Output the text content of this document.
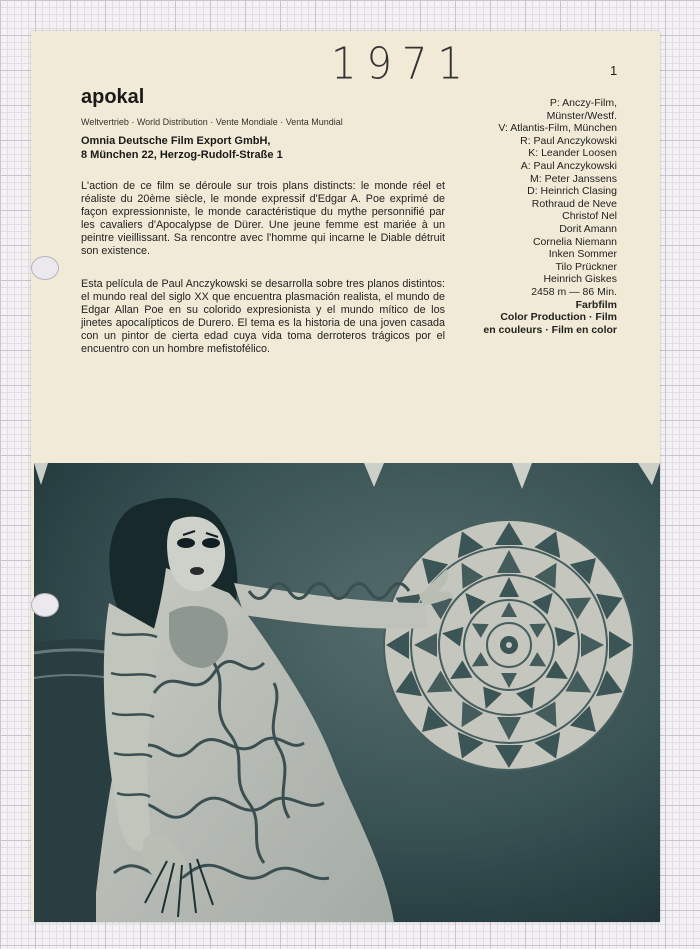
1971	1
apokal
Weltvertrieb · World Distribution · Vente Mondiale · Venta Mundial
Omnia Deutsche Film Export GmbH,
8 München 22, Herzog-Rudolf-Straße 1

L'action de ce film se déroule sur trois plans distincts: le monde réel et réaliste du 20ème siècle, le monde expressif d'Edgar A. Poe exprimé de façon expressionniste, le monde caractéristique du mythe personnifié par les cavaliers d'Apocalypse de Dürer. Une jeune femme est mariée à un peintre vieillissant. Sa rencontre avec l'homme qui incarne le Diable détruit son existence.

Esta película de Paul Anczykowski se desarrolla sobre tres planos distintos: el mundo real del siglo XX que encuentra plasmación realista, el mundo de Edgar Allan Poe en su colorido expresionista y el mundo mítico de los jinetes apocalípticos de Durero. El tema es la historia de una joven casada con un pintor de cierta edad cuya vida toma derroteros trágicos por el encuentro con un hombre mefistofélico.

P: Anczy-Film,
Münster/Westf.
V: Atlantis-Film, München
R: Paul Anczykowski
K: Leander Loosen
A: Paul Anczykowski
M: Peter Janssens
D: Heinrich Clasing
Rothraud de Neve
Christof Nel
Dorit Amann
Cornelia Niemann
Inken Sommer
Tilo Prückner
Heinrich Giskes
2458 m — 86 Min.
Farbfilm
Color Production · Film
en couleurs · Film en color
